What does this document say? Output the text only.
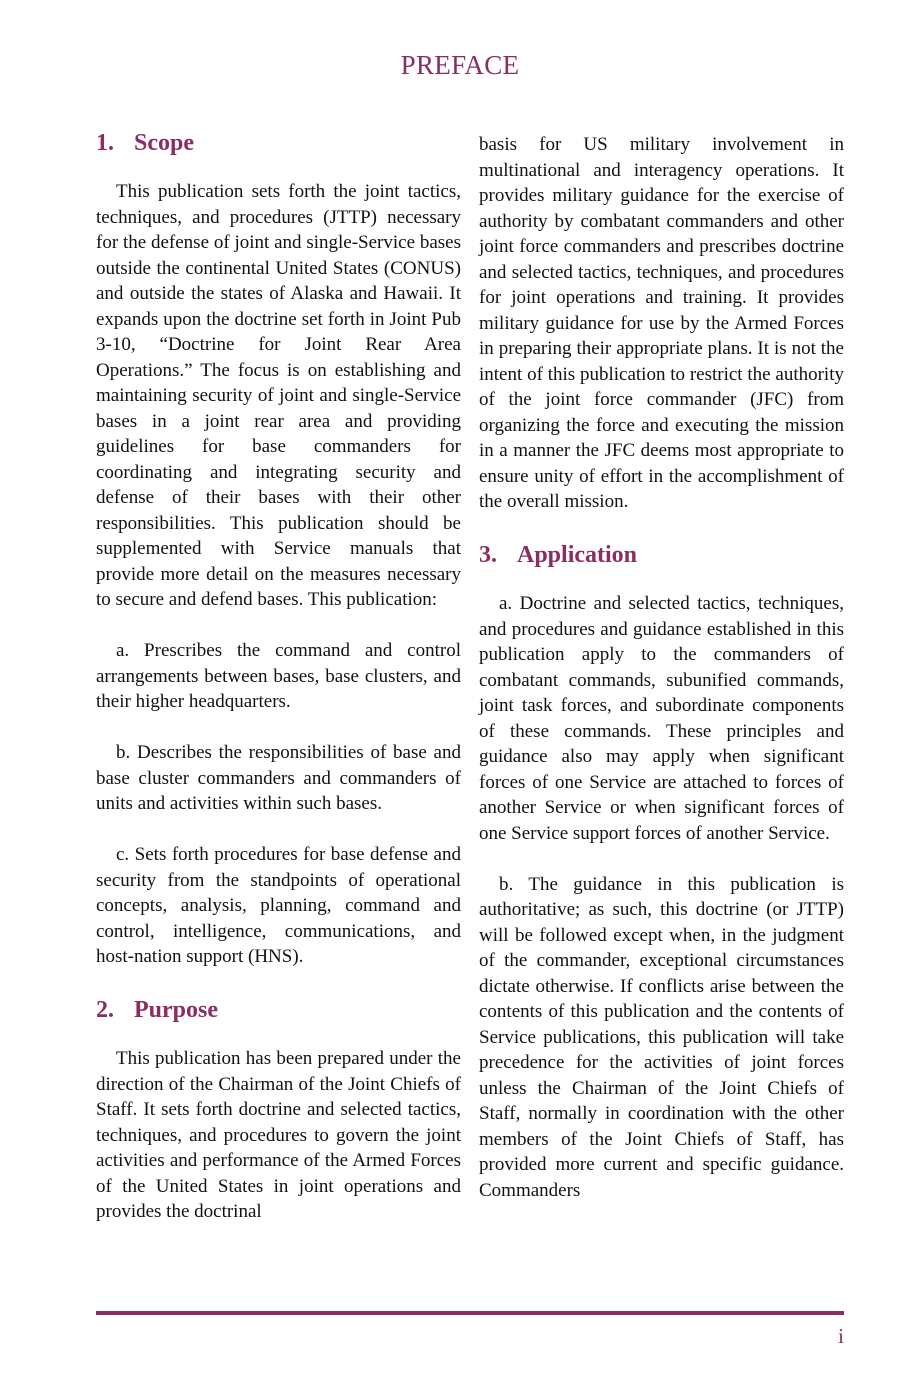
PREFACE
1. Scope

This publication sets forth the joint tactics, techniques, and procedures (JTTP) necessary for the defense of joint and single-Service bases outside the continental United States (CONUS) and outside the states of Alaska and Hawaii. It expands upon the doctrine set forth in Joint Pub 3-10, “Doctrine for Joint Rear Area Operations.” The focus is on establishing and maintaining security of joint and single-Service bases in a joint rear area and providing guidelines for base commanders for coordinating and integrating security and defense of their bases with their other responsibilities. This publication should be supplemented with Service manuals that provide more detail on the measures necessary to secure and defend bases. This publication:

a. Prescribes the command and control arrangements between bases, base clusters, and their higher headquarters.

b. Describes the responsibilities of base and base cluster commanders and commanders of units and activities within such bases.

c. Sets forth procedures for base defense and security from the standpoints of operational concepts, analysis, planning, command and control, intelligence, communications, and host-nation support (HNS).

2. Purpose

This publication has been prepared under the direction of the Chairman of the Joint Chiefs of Staff. It sets forth doctrine and selected tactics, techniques, and procedures to govern the joint activities and performance of the Armed Forces of the United States in joint operations and provides the doctrinal

basis for US military involvement in multinational and interagency operations. It provides military guidance for the exercise of authority by combatant commanders and other joint force commanders and prescribes doctrine and selected tactics, techniques, and procedures for joint operations and training. It provides military guidance for use by the Armed Forces in preparing their appropriate plans. It is not the intent of this publication to restrict the authority of the joint force commander (JFC) from organizing the force and executing the mission in a manner the JFC deems most appropriate to ensure unity of effort in the accomplishment of the overall mission.

3. Application

a. Doctrine and selected tactics, techniques, and procedures and guidance established in this publication apply to the commanders of combatant commands, subunified commands, joint task forces, and subordinate components of these commands. These principles and guidance also may apply when significant forces of one Service are attached to forces of another Service or when significant forces of one Service support forces of another Service.

b. The guidance in this publication is authoritative; as such, this doctrine (or JTTP) will be followed except when, in the judgment of the commander, exceptional circumstances dictate otherwise. If conflicts arise between the contents of this publication and the contents of Service publications, this publication will take precedence for the activities of joint forces unless the Chairman of the Joint Chiefs of Staff, normally in coordination with the other members of the Joint Chiefs of Staff, has provided more current and specific guidance. Commanders

i
